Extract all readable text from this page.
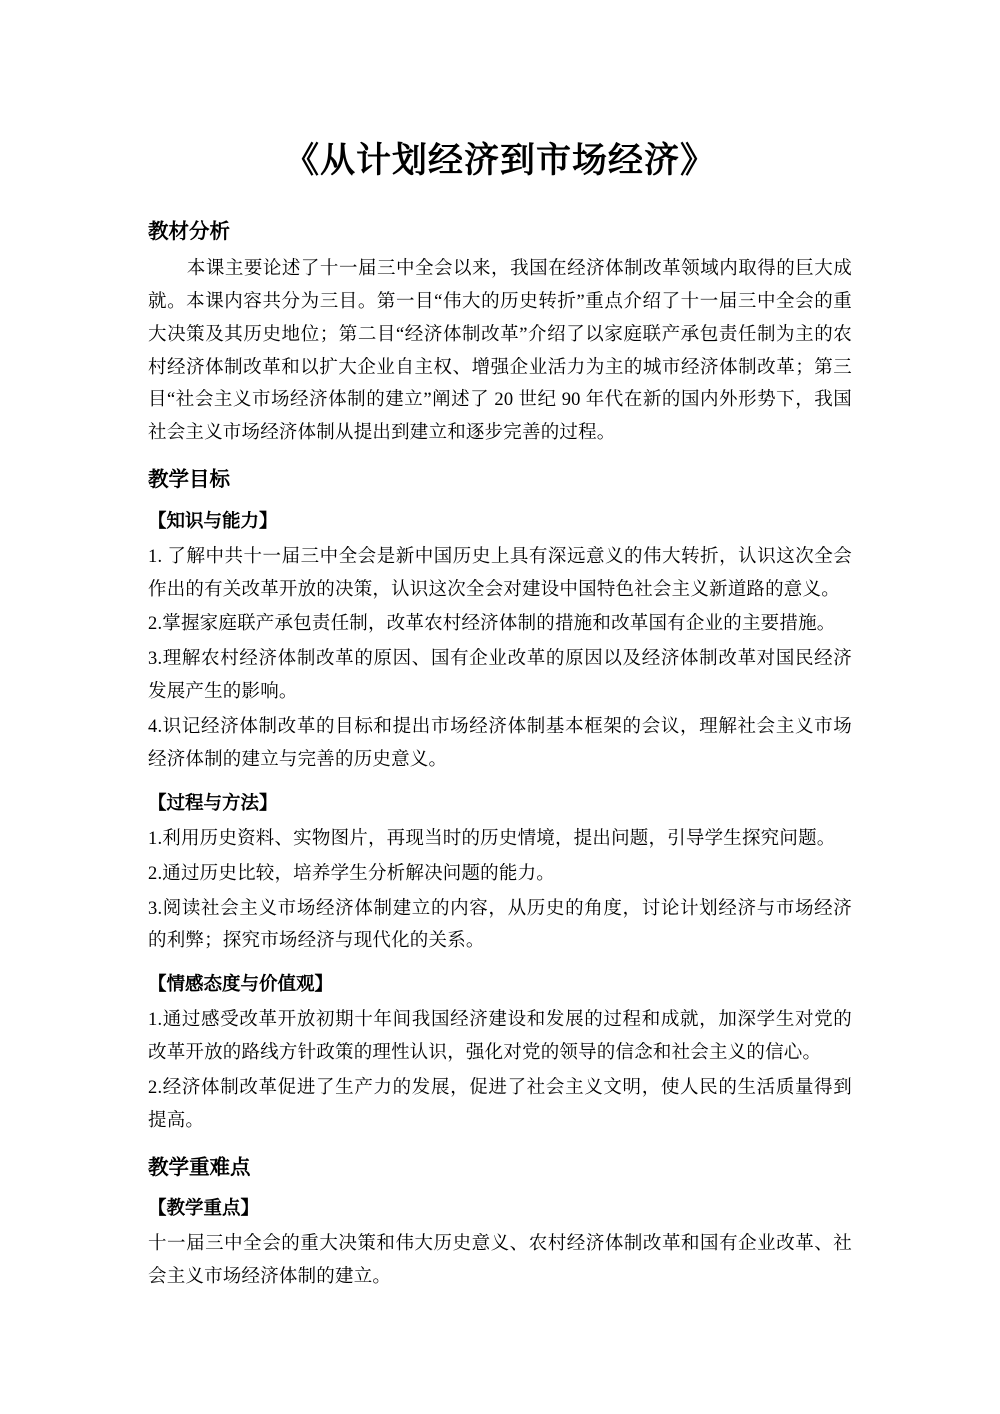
《从计划经济到市场经济》
教材分析

本课主要论述了十一届三中全会以来，我国在经济体制改革领域内取得的巨大成就。本课内容共分为三目。第一目“伟大的历史转折”重点介绍了十一届三中全会的重大决策及其历史地位；第二目“经济体制改革”介绍了以家庭联产承包责任制为主的农村经济体制改革和以扩大企业自主权、增强企业活力为主的城市经济体制改革；第三目“社会主义市场经济体制的建立”阐述了 20 世纪 90 年代在新的国内外形势下，我国社会主义市场经济体制从提出到建立和逐步完善的过程。

教学目标
【知识与能力】

1. 了解中共十一届三中全会是新中国历史上具有深远意义的伟大转折，认识这次全会作出的有关改革开放的决策，认识这次全会对建设中国特色社会主义新道路的意义。

2.掌握家庭联产承包责任制，改革农村经济体制的措施和改革国有企业的主要措施。

3.理解农村经济体制改革的原因、国有企业改革的原因以及经济体制改革对国民经济发展产生的影响。

4.识记经济体制改革的目标和提出市场经济体制基本框架的会议，理解社会主义市场经济体制的建立与完善的历史意义。

【过程与方法】

1.利用历史资料、实物图片，再现当时的历史情境，提出问题，引导学生探究问题。

2.通过历史比较，培养学生分析解决问题的能力。

3.阅读社会主义市场经济体制建立的内容，从历史的角度，讨论计划经济与市场经济的利弊；探究市场经济与现代化的关系。

【情感态度与价值观】

1.通过感受改革开放初期十年间我国经济建设和发展的过程和成就，加深学生对党的改革开放的路线方针政策的理性认识，强化对党的领导的信念和社会主义的信心。

2.经济体制改革促进了生产力的发展，促进了社会主义文明，使人民的生活质量得到提高。

教学重难点
【教学重点】

十一届三中全会的重大决策和伟大历史意义、农村经济体制改革和国有企业改革、社会主义市场经济体制的建立。
